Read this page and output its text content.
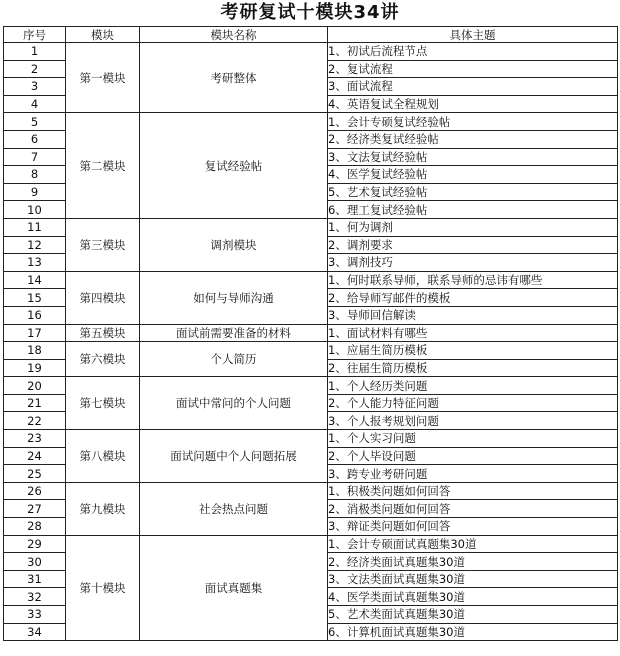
考研复试十模块34讲
序号	模块	模块名称	具体主题
1	第一模块	考研整体	1、初试后流程节点
2			2、复试流程
3			3、面试流程
4			4、英语复试全程规划
5	第二模块	复试经验帖	1、会计专硕复试经验帖
6			2、经济类复试经验帖
7			3、文法复试经验帖
8			4、医学复试经验帖
9			5、艺术复试经验帖
10			6、理工复试经验帖
11	第三模块	调剂模块	1、何为调剂
12			2、调剂要求
13			3、调剂技巧
14	第四模块	如何与导师沟通	1、何时联系导师，联系导师的忌讳有哪些
15			2、给导师写邮件的模板
16			3、导师回信解读
17	第五模块	面试前需要准备的材料	1、面试材料有哪些
18	第六模块	个人简历	1、应届生简历模板
19			2、往届生简历模板
20	第七模块	面试中常问的个人问题	1、个人经历类问题
21			2、个人能力特征问题
22			3、个人报考规划问题
23	第八模块	面试问题中个人问题拓展	1、个人实习问题
24			2、个人毕设问题
25			3、跨专业考研问题
26	第九模块	社会热点问题	1、积极类问题如何回答
27			2、消极类问题如何回答
28			3、辩证类问题如何回答
29	第十模块	面试真题集	1、会计专硕面试真题集30道
30			2、经济类面试真题集30道
31			3、文法类面试真题集30道
32			4、医学类面试真题集30道
33			5、艺术类面试真题集30道
34			6、计算机面试真题集30道
